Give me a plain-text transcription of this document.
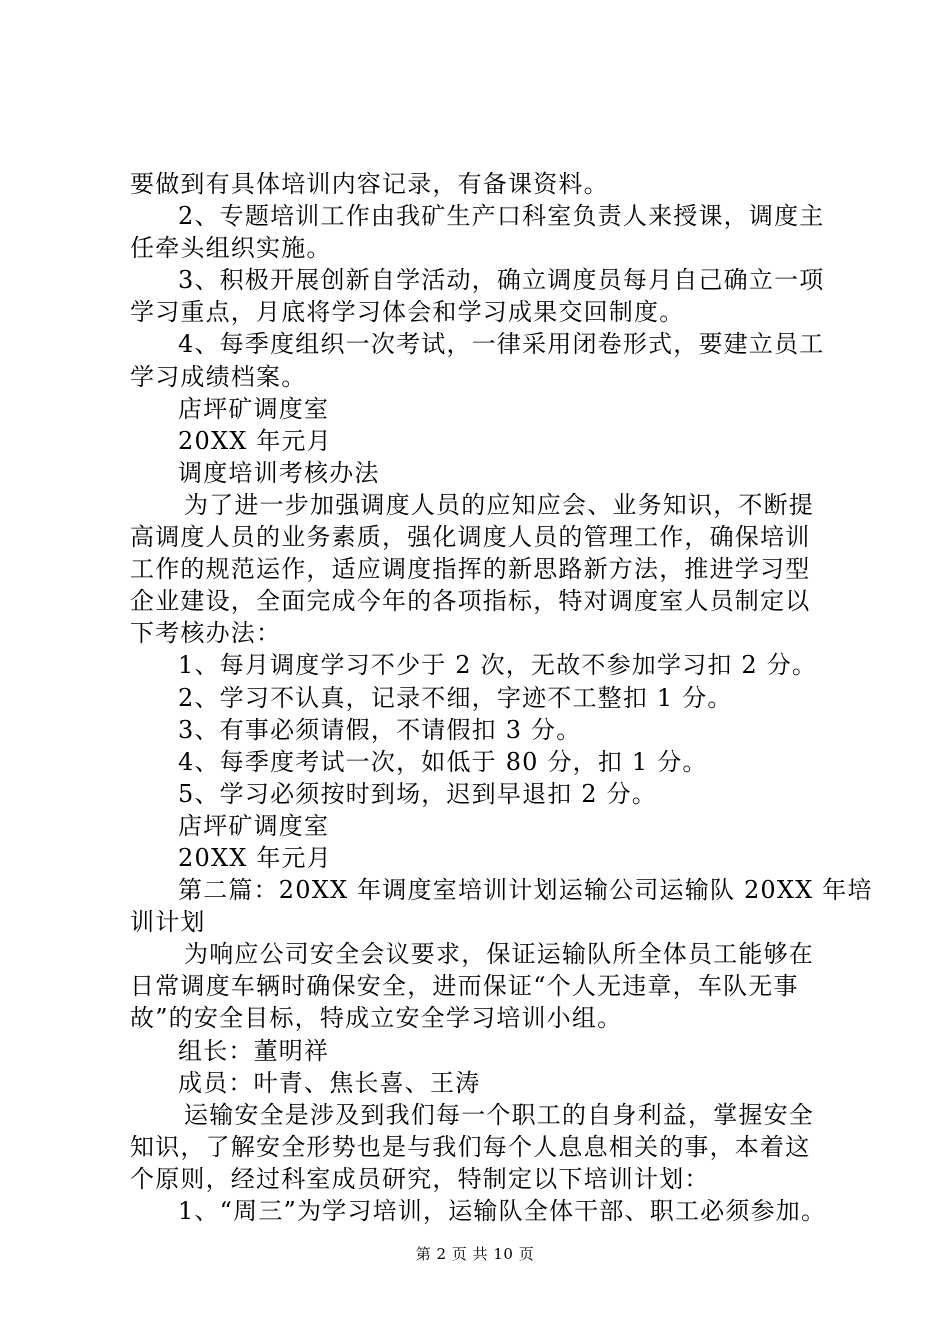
要做到有具体培训内容记录，有备课资料。
2、专题培训工作由我矿生产口科室负责人来授课，调度主
任牵头组织实施。
3、积极开展创新自学活动，确立调度员每月自己确立一项
学习重点，月底将学习体会和学习成果交回制度。
4、每季度组织一次考试，一律采用闭卷形式，要建立员工
学习成绩档案。
店坪矿调度室
20XX 年元月
调度培训考核办法
为了进一步加强调度人员的应知应会、业务知识，不断提
高调度人员的业务素质，强化调度人员的管理工作，确保培训
工作的规范运作，适应调度指挥的新思路新方法，推进学习型
企业建设，全面完成今年的各项指标，特对调度室人员制定以
下考核办法：
1、每月调度学习不少于 2 次，无故不参加学习扣 2 分。
2、学习不认真，记录不细，字迹不工整扣 1 分。
3、有事必须请假，不请假扣 3 分。
4、每季度考试一次，如低于 80 分，扣 1 分。
5、学习必须按时到场，迟到早退扣 2 分。
店坪矿调度室
20XX 年元月
第二篇：20XX 年调度室培训计划运输公司运输队 20XX 年培
训计划
为响应公司安全会议要求，保证运输队所全体员工能够在
日常调度车辆时确保安全，进而保证“个人无违章，车队无事
故”的安全目标，特成立安全学习培训小组。
组长：董明祥
成员：叶青、焦长喜、王涛
运输安全是涉及到我们每一个职工的自身利益，掌握安全
知识，了解安全形势也是与我们每个人息息相关的事，本着这
个原则，经过科室成员研究，特制定以下培训计划：
1、“周三”为学习培训，运输队全体干部、职工必须参加。
第 2 页 共 10 页
